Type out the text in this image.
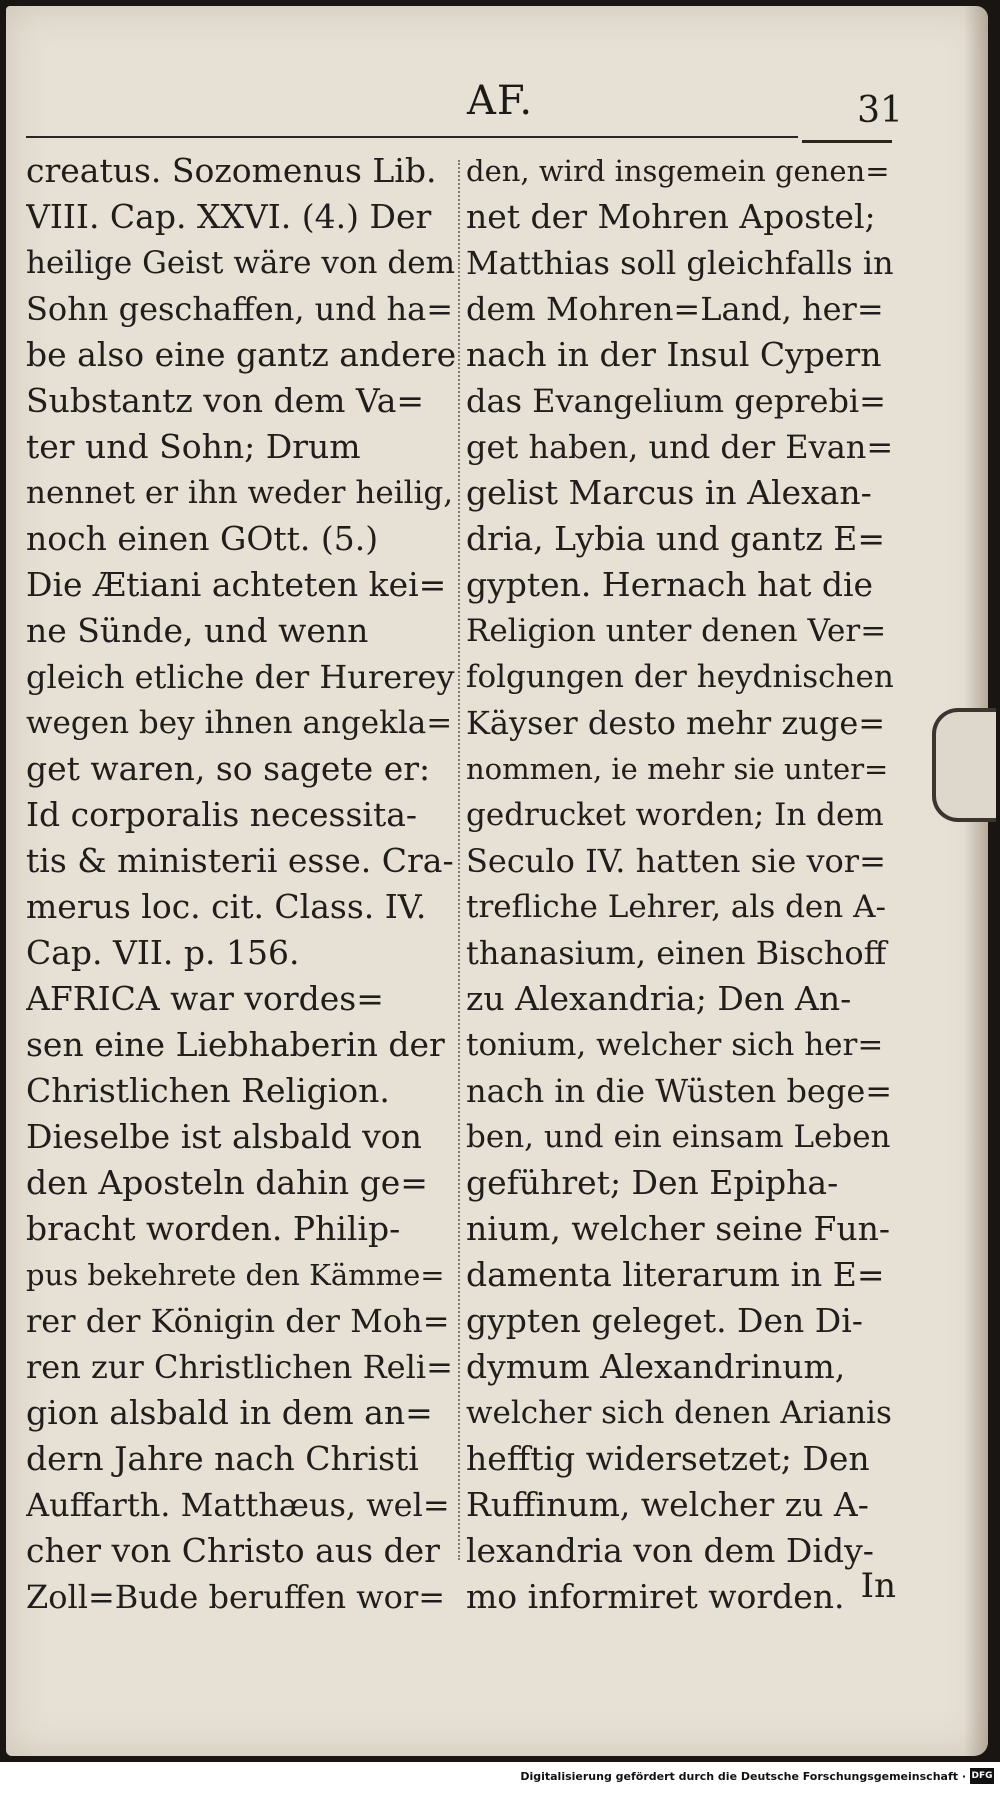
AF.	31
creatus. Sozomenus Lib.
VIII. Cap. XXVI. (4.) Der
heilige Geist wäre von dem
Sohn geschaffen, und ha=
be also eine gantz andere
Substantz von dem Va=
ter und Sohn; Drum
nennet er ihn weder heilig,
noch einen GOtt. (5.)
Die Ætiani achteten kei=
ne Sünde, und wenn
gleich etliche der Hurerey
wegen bey ihnen angekla=
get waren, so sagete er:
Id corporalis necessita-
tis & ministerii esse. Cra-
merus loc. cit. Class. IV.
Cap. VII. p. 156.
AFRICA war vordes=
sen eine Liebhaberin der
Christlichen Religion.
Dieselbe ist alsbald von
den Aposteln dahin ge=
bracht worden. Philip-
pus bekehrete den Kämme=
rer der Königin der Moh=
ren zur Christlichen Reli=
gion alsbald in dem an=
dern Jahre nach Christi
Auffarth. Matthæus, wel=
cher von Christo aus der
Zoll=Bude beruffen wor=
den, wird insgemein genen=
net der Mohren Apostel;
Matthias soll gleichfalls in
dem Mohren=Land, her=
nach in der Insul Cypern
das Evangelium geprebi=
get haben, und der Evan=
gelist Marcus in Alexan-
dria, Lybia und gantz E=
gypten. Hernach hat die
Religion unter denen Ver=
folgungen der heydnischen
Käyser desto mehr zuge=
nommen, ie mehr sie unter=
gedrucket worden; In dem
Seculo IV. hatten sie vor=
trefliche Lehrer, als den A-
thanasium, einen Bischoff
zu Alexandria; Den An-
tonium, welcher sich her=
nach in die Wüsten bege=
ben, und ein einsam Leben
geführet; Den Epipha-
nium, welcher seine Fun-
damenta literarum in E=
gypten geleget. Den Di-
dymum Alexandrinum,
welcher sich denen Arianis
hefftig widersetzet; Den
Ruffinum, welcher zu A-
lexandria von dem Didy-
mo informiret worden. In
Digitalisierung gefördert durch die Deutsche Forschungsgemeinschaft · DFG
